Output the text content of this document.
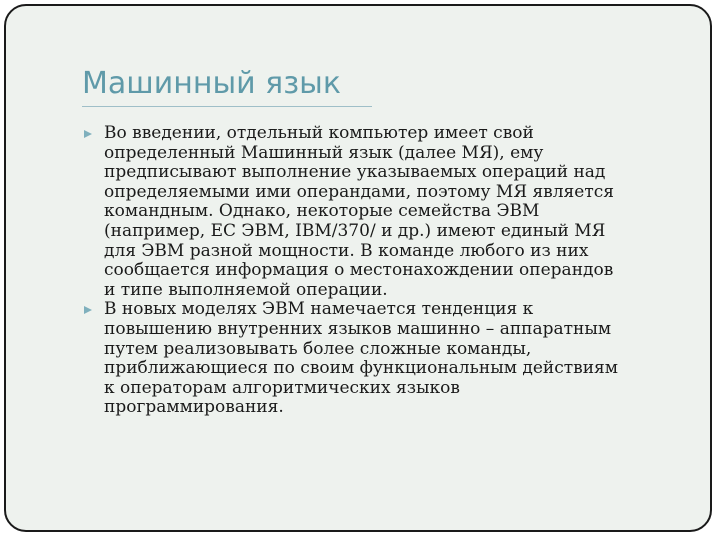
Машинный язык
Во введении, отдельный компьютер имеет свой
определенный Машинный язык (далее МЯ), ему
предписывают выполнение указываемых операций над
определяемыми ими операндами, поэтому МЯ является
командным. Однако, некоторые семейства ЭВМ
(например, ЕС ЭВМ, IBM/370/ и др.) имеют единый МЯ
для ЭВМ разной мощности. В команде любого из них
сообщается информация о местонахождении операндов
и типе выполняемой операции.
В новых моделях ЭВМ намечается тенденция к
повышению внутренних языков машинно – аппаратным
путем реализовывать более сложные команды,
приближающиеся по своим функциональным действиям
к операторам алгоритмических языков
программирования.
